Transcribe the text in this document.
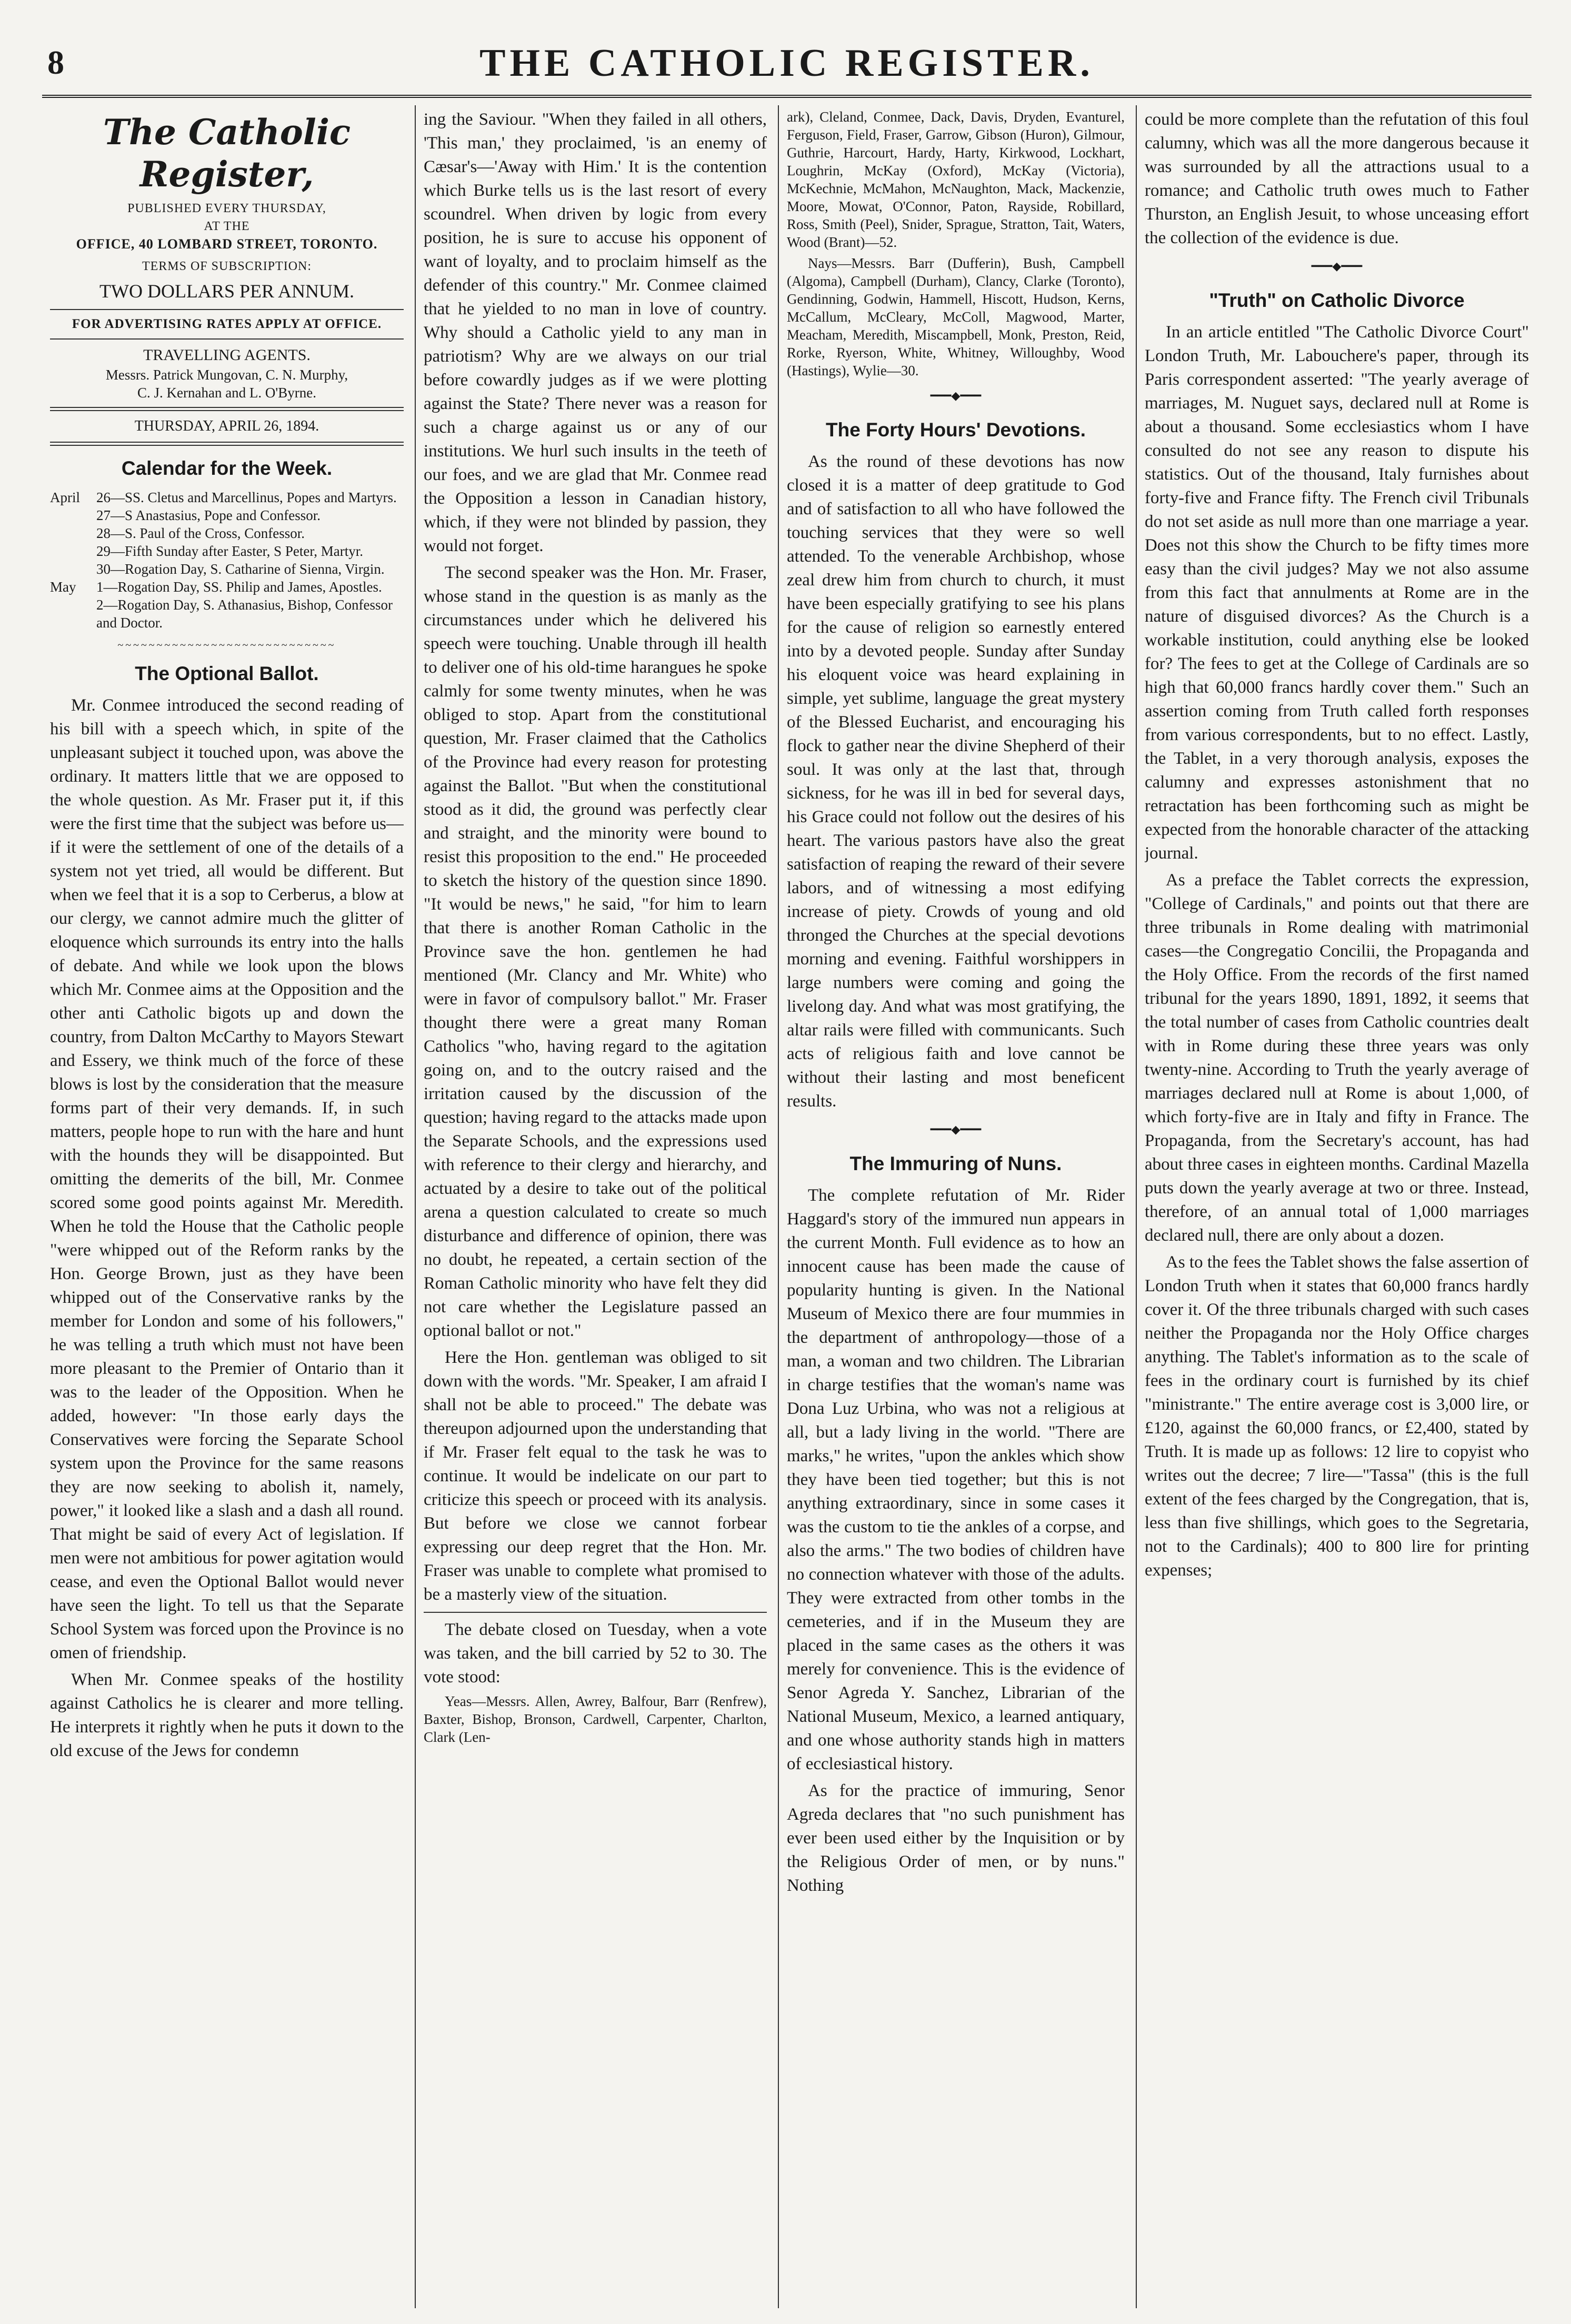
8	THE CATHOLIC REGISTER.
The Catholic Register,
PUBLISHED EVERY THURSDAY,
AT THE
OFFICE, 40 LOMBARD STREET, TORONTO.
TERMS OF SUBSCRIPTION:
TWO DOLLARS PER ANNUM.
FOR ADVERTISING RATES APPLY AT OFFICE.
TRAVELLING AGENTS.
Messrs. Patrick Mungovan, C. N. Murphy,
C. J. Kernahan and L. O'Byrne.
THURSDAY, APRIL 26, 1894.
Calendar for the Week.
April	26—SS. Cletus and Marcellinus, Popes and Martyrs.
27—S Anastasius, Pope and Confessor.
28—S. Paul of the Cross, Confessor.
29—Fifth Sunday after Easter, S Peter, Martyr.
30—Rogation Day, S. Catharine of Sienna, Virgin.
May	1—Rogation Day, SS. Philip and James, Apostles.
2—Rogation Day, S. Athanasius, Bishop, Confessor and Doctor.
~~~~~~~~~~~~~~~~~~~~~~~~~~~~
The Optional Ballot.

Mr. Conmee introduced the second reading of his bill with a speech which, in spite of the unpleasant subject it touched upon, was above the ordinary. It matters little that we are opposed to the whole question. As Mr. Fraser put it, if this were the first time that the subject was before us—if it were the settlement of one of the details of a system not yet tried, all would be different. But when we feel that it is a sop to Cerberus, a blow at our clergy, we cannot admire much the glitter of eloquence which surrounds its entry into the halls of debate. And while we look upon the blows which Mr. Conmee aims at the Opposition and the other anti Catholic bigots up and down the country, from Dalton McCarthy to Mayors Stewart and Essery, we think much of the force of these blows is lost by the consideration that the measure forms part of their very demands. If, in such matters, people hope to run with the hare and hunt with the hounds they will be disappointed. But omitting the demerits of the bill, Mr. Conmee scored some good points against Mr. Meredith. When he told the House that the Catholic people "were whipped out of the Reform ranks by the Hon. George Brown, just as they have been whipped out of the Conservative ranks by the member for London and some of his followers," he was telling a truth which must not have been more pleasant to the Premier of Ontario than it was to the leader of the Opposition. When he added, however: "In those early days the Conservatives were forcing the Separate School system upon the Province for the same reasons they are now seeking to abolish it, namely, power," it looked like a slash and a dash all round. That might be said of every Act of legislation. If men were not ambitious for power agitation would cease, and even the Optional Ballot would never have seen the light. To tell us that the Separate School System was forced upon the Province is no omen of friendship.

When Mr. Conmee speaks of the hostility against Catholics he is clearer and more telling. He interprets it rightly when he puts it down to the old excuse of the Jews for condemn

ing the Saviour. "When they failed in all others, 'This man,' they proclaimed, 'is an enemy of Cæsar's—'Away with Him.' It is the contention which Burke tells us is the last resort of every scoundrel. When driven by logic from every position, he is sure to accuse his opponent of want of loyalty, and to proclaim himself as the defender of this country." Mr. Conmee claimed that he yielded to no man in love of country. Why should a Catholic yield to any man in patriotism? Why are we always on our trial before cowardly judges as if we were plotting against the State? There never was a reason for such a charge against us or any of our institutions. We hurl such insults in the teeth of our foes, and we are glad that Mr. Conmee read the Opposition a lesson in Canadian history, which, if they were not blinded by passion, they would not forget.

The second speaker was the Hon. Mr. Fraser, whose stand in the question is as manly as the circumstances under which he delivered his speech were touching. Unable through ill health to deliver one of his old-time harangues he spoke calmly for some twenty minutes, when he was obliged to stop. Apart from the constitutional question, Mr. Fraser claimed that the Catholics of the Province had every reason for protesting against the Ballot. "But when the constitutional stood as it did, the ground was perfectly clear and straight, and the minority were bound to resist this proposition to the end." He proceeded to sketch the history of the question since 1890. "It would be news," he said, "for him to learn that there is another Roman Catholic in the Province save the hon. gentlemen he had mentioned (Mr. Clancy and Mr. White) who were in favor of compulsory ballot." Mr. Fraser thought there were a great many Roman Catholics "who, having regard to the agitation going on, and to the outcry raised and the irritation caused by the discussion of the question; having regard to the attacks made upon the Separate Schools, and the expressions used with reference to their clergy and hierarchy, and actuated by a desire to take out of the political arena a question calculated to create so much disturbance and difference of opinion, there was no doubt, he repeated, a certain section of the Roman Catholic minority who have felt they did not care whether the Legislature passed an optional ballot or not."

Here the Hon. gentleman was obliged to sit down with the words. "Mr. Speaker, I am afraid I shall not be able to proceed." The debate was thereupon adjourned upon the understanding that if Mr. Fraser felt equal to the task he was to continue. It would be indelicate on our part to criticize this speech or proceed with its analysis. But before we close we cannot forbear expressing our deep regret that the Hon. Mr. Fraser was unable to complete what promised to be a masterly view of the situation.

The debate closed on Tuesday, when a vote was taken, and the bill carried by 52 to 30. The vote stood:

Yeas—Messrs. Allen, Awrey, Balfour, Barr (Renfrew), Baxter, Bishop, Bronson, Cardwell, Carpenter, Charlton, Clark (Len-

ark), Cleland, Conmee, Dack, Davis, Dryden, Evanturel, Ferguson, Field, Fraser, Garrow, Gibson (Huron), Gilmour, Guthrie, Harcourt, Hardy, Harty, Kirkwood, Lockhart, Loughrin, McKay (Oxford), McKay (Victoria), McKechnie, McMahon, McNaughton, Mack, Mackenzie, Moore, Mowat, O'Connor, Paton, Rayside, Robillard, Ross, Smith (Peel), Snider, Sprague, Stratton, Tait, Waters, Wood (Brant)—52.

Nays—Messrs. Barr (Dufferin), Bush, Campbell (Algoma), Campbell (Durham), Clancy, Clarke (Toronto), Gendinning, Godwin, Hammell, Hiscott, Hudson, Kerns, McCallum, McCleary, McColl, Magwood, Marter, Meacham, Meredith, Miscampbell, Monk, Preston, Reid, Rorke, Ryerson, White, Whitney, Willoughby, Wood (Hastings), Wylie—30.

━━━◆━━━
The Forty Hours' Devotions.

As the round of these devotions has now closed it is a matter of deep gratitude to God and of satisfaction to all who have followed the touching services that they were so well attended. To the venerable Archbishop, whose zeal drew him from church to church, it must have been especially gratifying to see his plans for the cause of religion so earnestly entered into by a devoted people. Sunday after Sunday his eloquent voice was heard explaining in simple, yet sublime, language the great mystery of the Blessed Eucharist, and encouraging his flock to gather near the divine Shepherd of their soul. It was only at the last that, through sickness, for he was ill in bed for several days, his Grace could not follow out the desires of his heart. The various pastors have also the great satisfaction of reaping the reward of their severe labors, and of witnessing a most edifying increase of piety. Crowds of young and old thronged the Churches at the special devotions morning and evening. Faithful worshippers in large numbers were coming and going the livelong day. And what was most gratifying, the altar rails were filled with communicants. Such acts of religious faith and love cannot be without their lasting and most beneficent results.

━━━◆━━━
The Immuring of Nuns.

The complete refutation of Mr. Rider Haggard's story of the immured nun appears in the current Month. Full evidence as to how an innocent cause has been made the cause of popularity hunting is given. In the National Museum of Mexico there are four mummies in the department of anthropology—those of a man, a woman and two children. The Librarian in charge testifies that the woman's name was Dona Luz Urbina, who was not a religious at all, but a lady living in the world. "There are marks," he writes, "upon the ankles which show they have been tied together; but this is not anything extraordinary, since in some cases it was the custom to tie the ankles of a corpse, and also the arms." The two bodies of children have no connection whatever with those of the adults. They were extracted from other tombs in the cemeteries, and if in the Museum they are placed in the same cases as the others it was merely for convenience. This is the evidence of Senor Agreda Y. Sanchez, Librarian of the National Museum, Mexico, a learned antiquary, and one whose authority stands high in matters of ecclesiastical history.

As for the practice of immuring, Senor Agreda declares that "no such punishment has ever been used either by the Inquisition or by the Religious Order of men, or by nuns." Nothing

could be more complete than the refutation of this foul calumny, which was all the more dangerous because it was surrounded by all the attractions usual to a romance; and Catholic truth owes much to Father Thurston, an English Jesuit, to whose unceasing effort the collection of the evidence is due.

━━━◆━━━
"Truth" on Catholic Divorce

In an article entitled "The Catholic Divorce Court" London Truth, Mr. Labouchere's paper, through its Paris correspondent asserted: "The yearly average of marriages, M. Nuguet says, declared null at Rome is about a thousand. Some ecclesiastics whom I have consulted do not see any reason to dispute his statistics. Out of the thousand, Italy furnishes about forty-five and France fifty. The French civil Tribunals do not set aside as null more than one marriage a year. Does not this show the Church to be fifty times more easy than the civil judges? May we not also assume from this fact that annulments at Rome are in the nature of disguised divorces? As the Church is a workable institution, could anything else be looked for? The fees to get at the College of Cardinals are so high that 60,000 francs hardly cover them." Such an assertion coming from Truth called forth responses from various correspondents, but to no effect. Lastly, the Tablet, in a very thorough analysis, exposes the calumny and expresses astonishment that no retractation has been forthcoming such as might be expected from the honorable character of the attacking journal.

As a preface the Tablet corrects the expression, "College of Cardinals," and points out that there are three tribunals in Rome dealing with matrimonial cases—the Congregatio Concilii, the Propaganda and the Holy Office. From the records of the first named tribunal for the years 1890, 1891, 1892, it seems that the total number of cases from Catholic countries dealt with in Rome during these three years was only twenty-nine. According to Truth the yearly average of marriages declared null at Rome is about 1,000, of which forty-five are in Italy and fifty in France. The Propaganda, from the Secretary's account, has had about three cases in eighteen months. Cardinal Mazella puts down the yearly average at two or three. Instead, therefore, of an annual total of 1,000 marriages declared null, there are only about a dozen.

As to the fees the Tablet shows the false assertion of London Truth when it states that 60,000 francs hardly cover it. Of the three tribunals charged with such cases neither the Propaganda nor the Holy Office charges anything. The Tablet's information as to the scale of fees in the ordinary court is furnished by its chief "ministrante." The entire average cost is 3,000 lire, or £120, against the 60,000 francs, or £2,400, stated by Truth. It is made up as follows: 12 lire to copyist who writes out the decree; 7 lire—"Tassa" (this is the full extent of the fees charged by the Congregation, that is, less than five shillings, which goes to the Segretaria, not to the Cardinals); 400 to 800 lire for printing expenses;
